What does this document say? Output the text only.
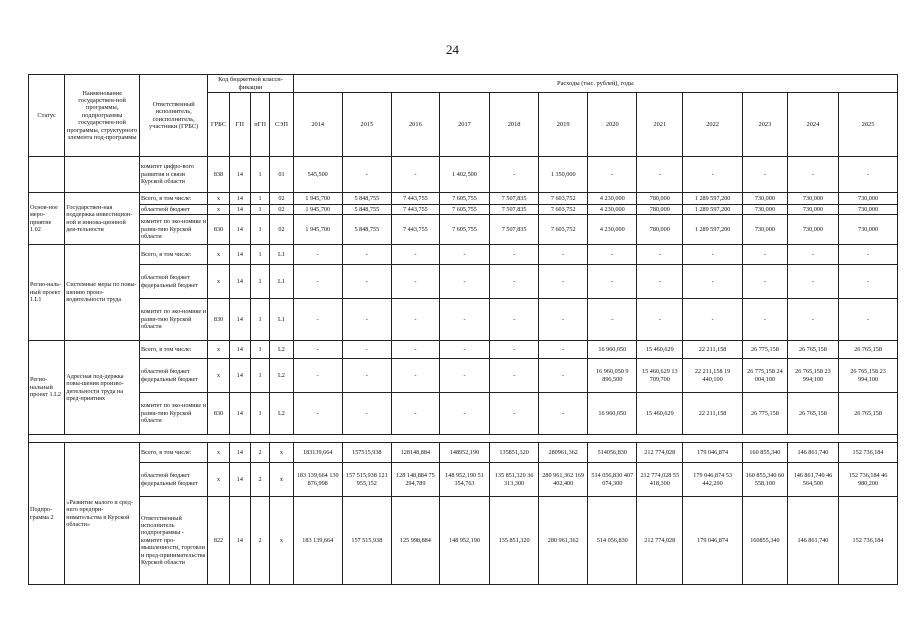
24
Статус	Наименование государствен-ной программы, подпрограммы государствен-ной программы, структурного элемента под-программы	Ответственный исполнитель, соисполнитель, участники (ГРБС)	Код бюджетной класси-фикации				Расходы (тыс. рублей), годы											
			ГРБС	ГП	пГП	СЭП	2014	2015	2016	2017	2018	2019	2020	2021	2022	2023	2024	2025
		комитет цифро-вого развития и связи Курской области	838	14	1	01	545,500	-	-	1 402,500	-	1 350,000	-	-	-	-	-	-
Основ-ное меро-приятие 1.02	Государствен-ная поддержка инвестицион-ной и иннова-ционной дея-тельности	Всего, в том числе:	х	14	1	02	1 945,700	5 848,755	7 443,755	7 605,755	7 507,835	7 603,752	4 230,000	780,000	1 289 597,200	730,000	730,000	730,000
		областной бюджет	х	14	1	02	1 945,700	5 848,755	7 443,755	7 605,755	7 507,835	7 603,752	4 230,000	780,000	1 289 597,200	730,000	730,000	730,000
		комитет по эко-номике и разви-тию Курской области	830	14	1	02	1 945,700	5 848,755	7 443,755	7 605,755	7 507,835	7 603,752	4 230,000	780,000	1 289 597,200	730,000	730,000	730,000
Регио-наль-ный проект 1.L1	Системные меры по повы-шению произ-водительности труда	Всего, в том числе:	х	14	1	L1	-	-	-	-	-	-	-	-	-	-	-	-
		областной бюджет федеральный бюджет	х	14	1	L1	-	-	-	-	-	-	-	-	-	-	-	-
		комитет по эко-номике и разви-тию Курской области	830	14	1	L1	-	-	-	-	-	-	-	-	-	-	-	-
Регио-нальный проект 1.L2	Адресная под-держка повы-шения произво-дительности труда на пред-приятиях	Всего, в том числе:	х	14	1	L2	-	-	-	-	-	-	16 960,050	15 460,629	22 211,158	26 775,158	26 765,158	26 765,158
		областной бюджет федеральный бюджет	х	14	1	L2	-	-	-	-	-	-	16 960,050 9 896,500	15 460,629 13 709,700	22 211,158 19 440,100	26 775,158 24 004,100	26 765,158 23 994,100	26 765,158 23 994,100
		комитет по эко-номике и разви-тию Курской области	830	14	1	L2	-	-	-	-	-	-	16 960,050	15 460,629	22 211,158	26 775,158	26 765,158	26 765,158

Подпро-грамма 2	«Развитие малого и сред-него предпри-нимательства в Курской области»	Всего, в том числе:	х	14	2	х	183139,664	157515,938	128148,884	148952,190	135851,320	280961,362	514056,830	212 774,028	179 046,874	160 855,340	146 861,740	152 736,184
		областной бюджет федеральный бюджет	х	14	2	х	183 139,664 130 876,998	157 515,938 121 955,152	128 148,884 75 294,789	148 952,190 51 354,763	135 851,320 36 313,300	280 961,362 169 402,400	514 056,830 407 074,300	212 774,028 55 418,300	179 046,874 53 442,200	160 855,340 60 558,100	146 861,740 46 564,500	152 736,184 46 980,200
		Ответственный исполнитель подпрограммы - комитет про-мышленности, торговли и пред-принимательства Курской области	822	14	2	х	183 139,664	157 515,938	125 998,884	148 952,190	135 851,320	280 961,362	514 056,830	212 774,028	179 046,874	160855,340	146 861,740	152 736,184
